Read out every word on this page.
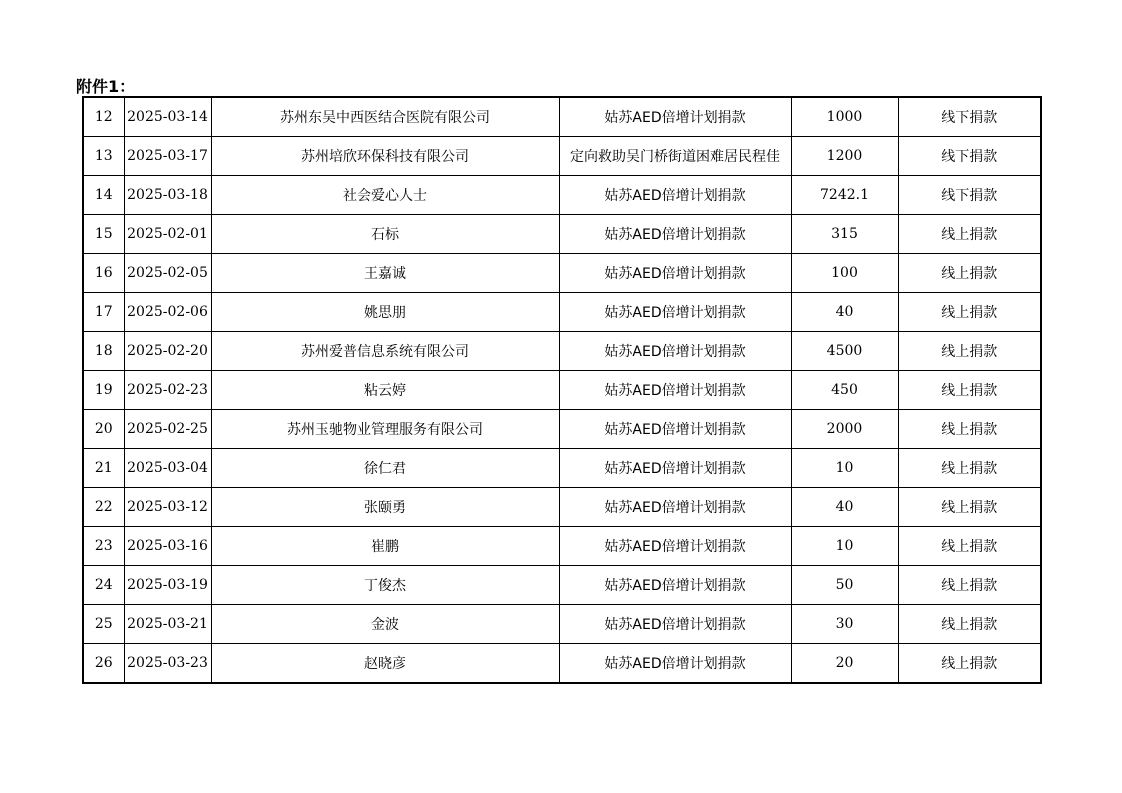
附件1：
12	2025-03-14	苏州东吴中西医结合医院有限公司	姑苏AED倍增计划捐款	1000	线下捐款
13	2025-03-17	苏州培欣环保科技有限公司	定向救助吴门桥街道困难居民程佳	1200	线下捐款
14	2025-03-18	社会爱心人士	姑苏AED倍增计划捐款	7242.1	线下捐款
15	2025-02-01	石标	姑苏AED倍增计划捐款	315	线上捐款
16	2025-02-05	王嘉诚	姑苏AED倍增计划捐款	100	线上捐款
17	2025-02-06	姚思朋	姑苏AED倍增计划捐款	40	线上捐款
18	2025-02-20	苏州爱普信息系统有限公司	姑苏AED倍增计划捐款	4500	线上捐款
19	2025-02-23	粘云婷	姑苏AED倍增计划捐款	450	线上捐款
20	2025-02-25	苏州玉驰物业管理服务有限公司	姑苏AED倍增计划捐款	2000	线上捐款
21	2025-03-04	徐仁君	姑苏AED倍增计划捐款	10	线上捐款
22	2025-03-12	张颐勇	姑苏AED倍增计划捐款	40	线上捐款
23	2025-03-16	崔鹏	姑苏AED倍增计划捐款	10	线上捐款
24	2025-03-19	丁俊杰	姑苏AED倍增计划捐款	50	线上捐款
25	2025-03-21	金波	姑苏AED倍增计划捐款	30	线上捐款
26	2025-03-23	赵晓彦	姑苏AED倍增计划捐款	20	线上捐款
